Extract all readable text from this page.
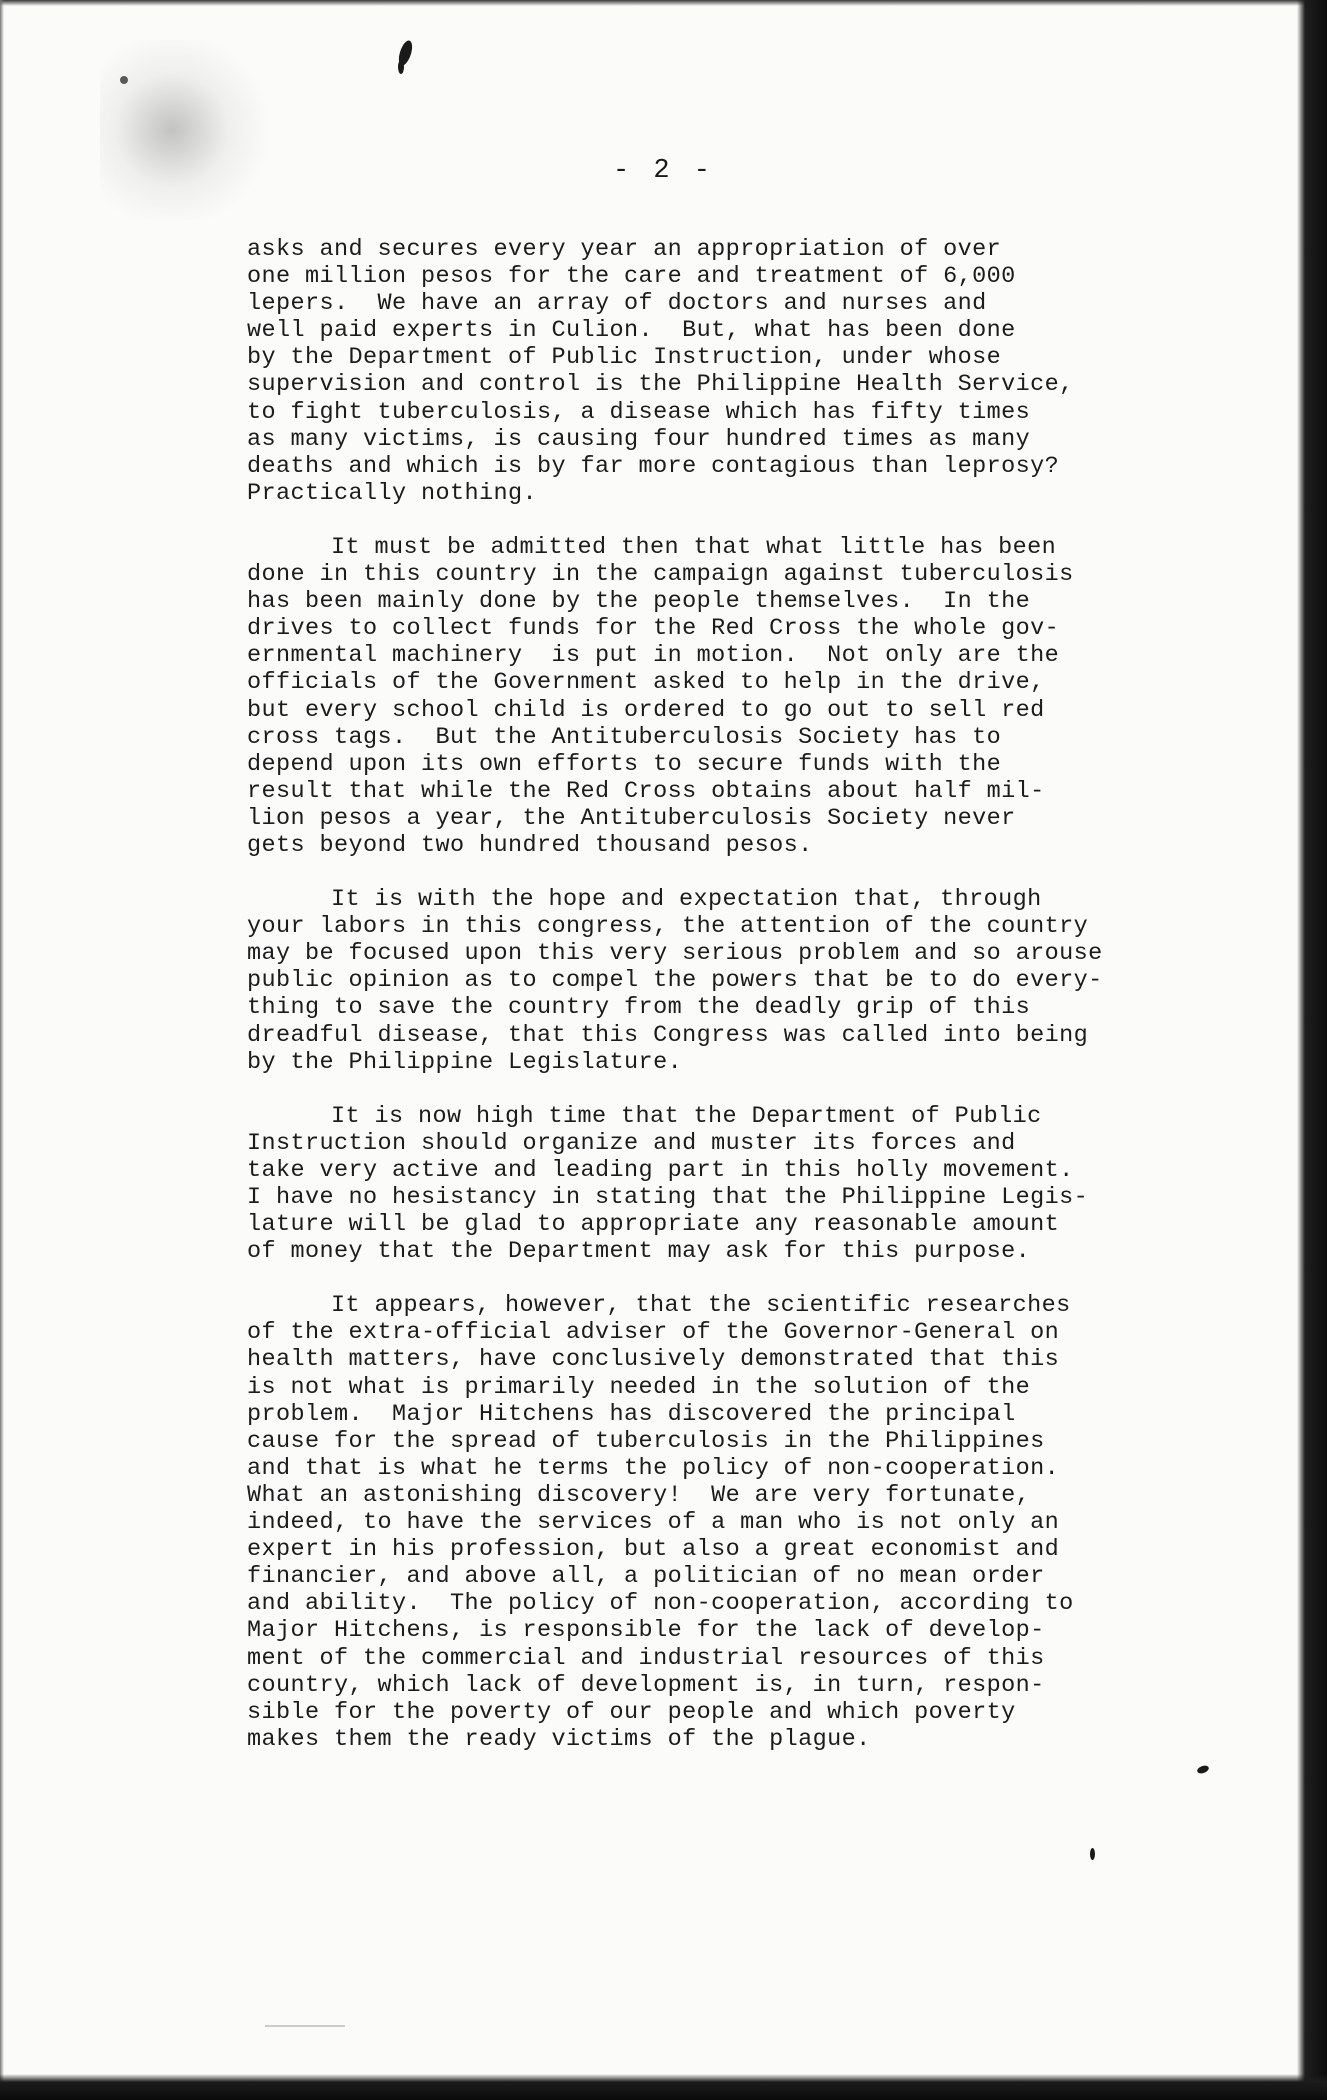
- 2 -
asks and secures every year an appropriation of over
one million pesos for the care and treatment of 6,000
lepers.  We have an array of doctors and nurses and
well paid experts in Culion.  But, what has been done
by the Department of Public Instruction, under whose
supervision and control is the Philippine Health Service,
to fight tuberculosis, a disease which has fifty times
as many victims, is causing four hundred times as many
deaths and which is by far more contagious than leprosy?
Practically nothing.
It must be admitted then that what little has been
done in this country in the campaign against tuberculosis
has been mainly done by the people themselves.  In the
drives to collect funds for the Red Cross the whole gov-
ernmental machinery  is put in motion.  Not only are the
officials of the Government asked to help in the drive,
but every school child is ordered to go out to sell red
cross tags.  But the Antituberculosis Society has to
depend upon its own efforts to secure funds with the
result that while the Red Cross obtains about half mil-
lion pesos a year, the Antituberculosis Society never
gets beyond two hundred thousand pesos.
It is with the hope and expectation that, through
your labors in this congress, the attention of the country
may be focused upon this very serious problem and so arouse
public opinion as to compel the powers that be to do every-
thing to save the country from the deadly grip of this
dreadful disease, that this Congress was called into being
by the Philippine Legislature.
It is now high time that the Department of Public
Instruction should organize and muster its forces and
take very active and leading part in this holly movement.
I have no hesistancy in stating that the Philippine Legis-
lature will be glad to appropriate any reasonable amount
of money that the Department may ask for this purpose.
It appears, however, that the scientific researches
of the extra-official adviser of the Governor-General on
health matters, have conclusively demonstrated that this
is not what is primarily needed in the solution of the
problem.  Major Hitchens has discovered the principal
cause for the spread of tuberculosis in the Philippines
and that is what he terms the policy of non-cooperation.
What an astonishing discovery!  We are very fortunate,
indeed, to have the services of a man who is not only an
expert in his profession, but also a great economist and
financier, and above all, a politician of no mean order
and ability.  The policy of non-cooperation, according to
Major Hitchens, is responsible for the lack of develop-
ment of the commercial and industrial resources of this
country, which lack of development is, in turn, respon-
sible for the poverty of our people and which poverty
makes them the ready victims of the plague.
